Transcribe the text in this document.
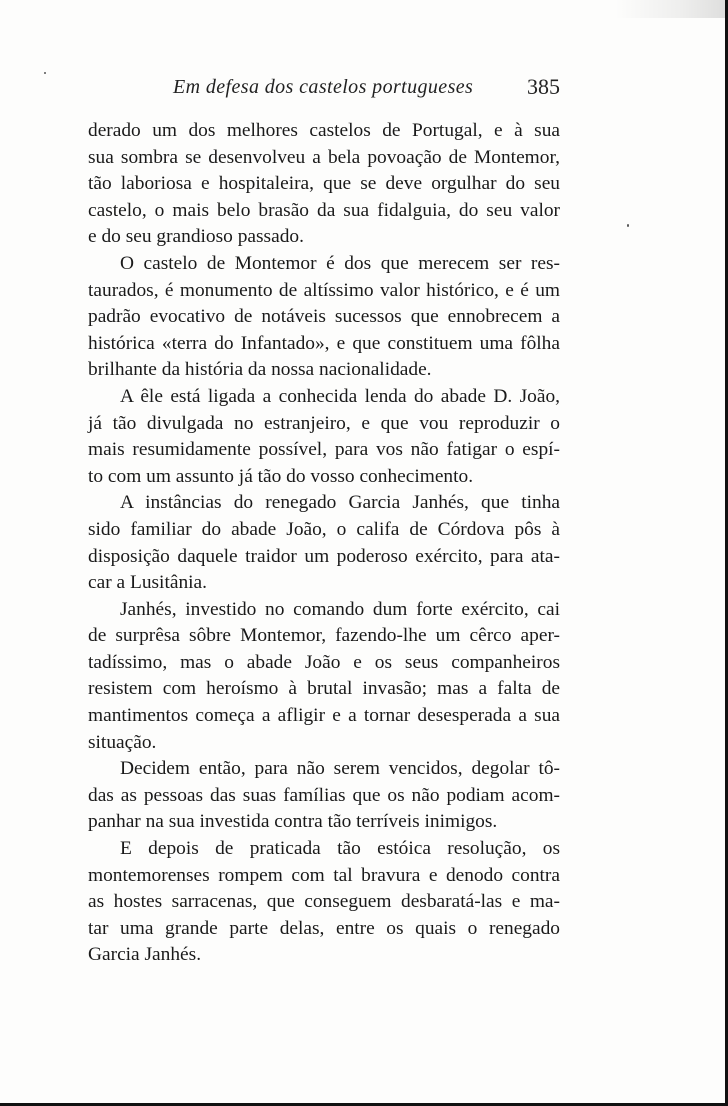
Em defesa dos castelos portugueses 385

derado um dos melhores castelos de Portugal, e à sua
sua sombra se desenvolveu a bela povoação de Montemor,
tão laboriosa e hospitaleira, que se deve orgulhar do seu
castelo, o mais belo brasão da sua fidalguia, do seu valor

e do seu grandioso passado.

O castelo de Montemor é dos que merecem ser res-
taurados, é monumento de altíssimo valor histórico, e é um
padrão evocativo de notáveis sucessos que ennobrecem a
histórica «terra do Infantado», e que constituem uma fôlha

brilhante da história da nossa nacionalidade.

A êle está ligada a conhecida lenda do abade D. João,
já tão divulgada no estranjeiro, e que vou reproduzir o
mais resumidamente possível, para vos não fatigar o espí-

to com um assunto já tão do vosso conhecimento.

A instâncias do renegado Garcia Janhés, que tinha
sido familiar do abade João, o califa de Córdova pôs à
disposição daquele traidor um poderoso exército, para ata-

car a Lusitânia.

Janhés, investido no comando dum forte exército, cai
de surprêsa sôbre Montemor, fazendo-lhe um cêrco aper-
tadíssimo, mas o abade João e os seus companheiros
resistem com heroísmo à brutal invasão; mas a falta de
mantimentos começa a afligir e a tornar desesperada a sua

situação.

Decidem então, para não serem vencidos, degolar tô-
das as pessoas das suas famílias que os não podiam acom-

panhar na sua investida contra tão terríveis inimigos.

E depois de praticada tão estóica resolução, os
montemorenses rompem com tal bravura e denodo contra
as hostes sarracenas, que conseguem desbaratá-las e ma-
tar uma grande parte delas, entre os quais o renegado

Garcia Janhés.
